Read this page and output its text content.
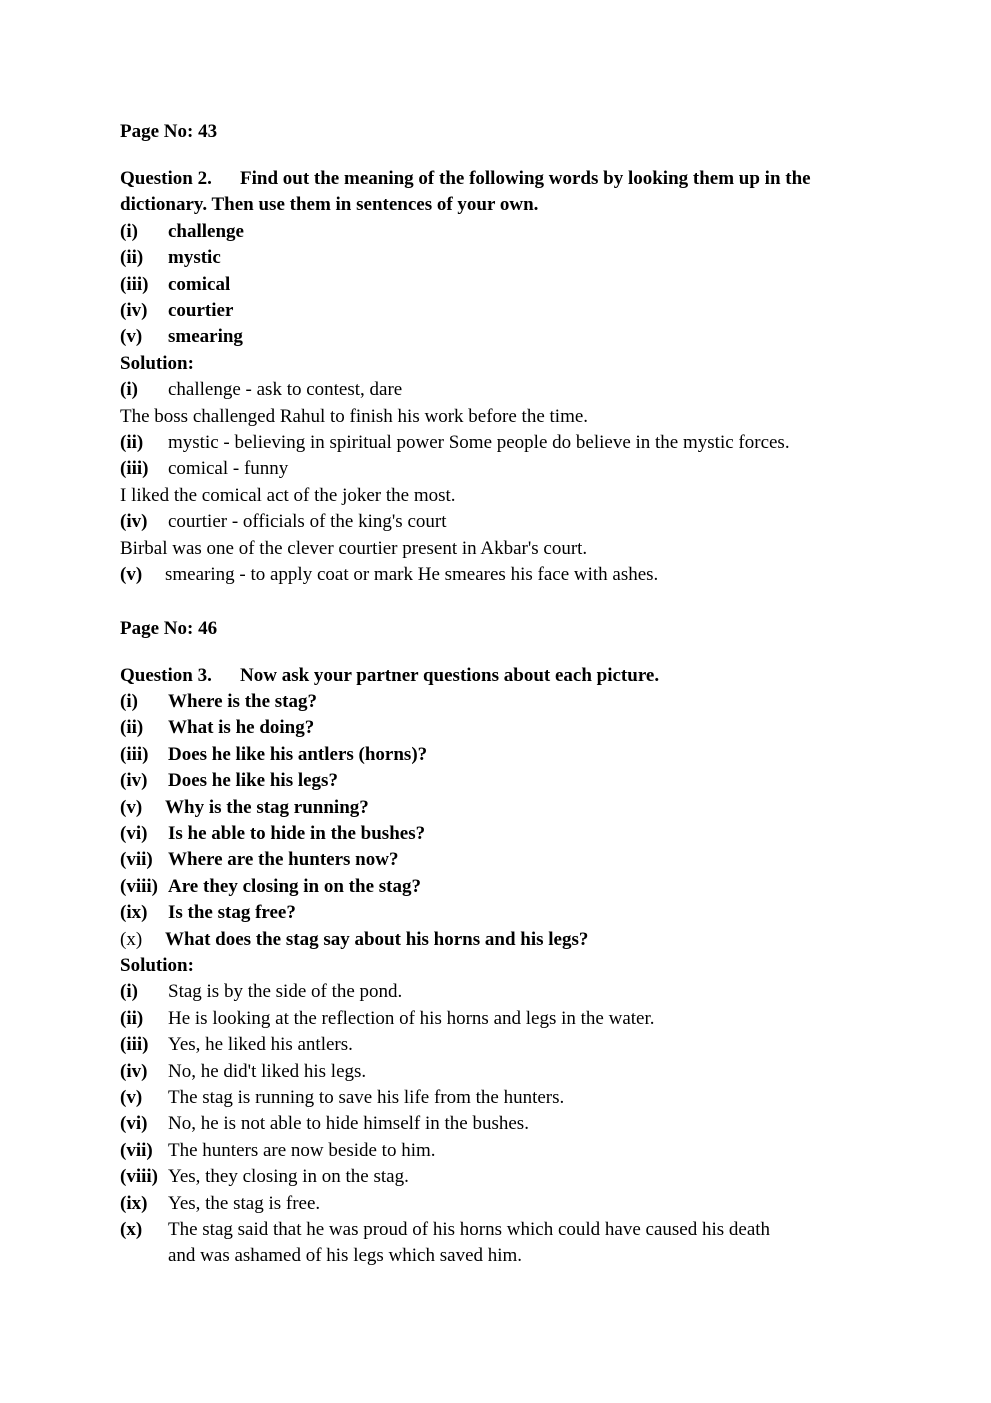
Page No: 43
Question 2. Find out the meaning of the following words by looking them up in the dictionary. Then use them in sentences of your own.
(i)	challenge
(ii)	mystic
(iii)	comical
(iv)	courtier
(v)	smearing
Solution:
(i)	challenge - ask to contest, dare
The boss challenged Rahul to finish his work before the time.
(ii)	mystic - believing in spiritual power Some people do believe in the mystic forces.
(iii)	comical - funny
I liked the comical act of the joker the most.
(iv)	courtier - officials of the king's court
Birbal was one of the clever courtier present in Akbar's court.
(v)	smearing - to apply coat or mark He smeares his face with ashes.
Page No: 46
Question 3. Now ask your partner questions about each picture.
(i)	Where is the stag?
(ii)	What is he doing?
(iii)	Does he like his antlers (horns)?
(iv)	Does he like his legs?
(v)	Why is the stag running?
(vi)	Is he able to hide in the bushes?
(vii) Where are the hunters now?
(viii) Are they closing in on the stag?
(ix)	Is the stag free?
(x)	What does the stag say about his horns and his legs?
Solution:
(i)	Stag is by the side of the pond.
(ii)	He is looking at the reflection of his horns and legs in the water.
(iii)	Yes, he liked his antlers.
(iv)	No, he did't liked his legs.
(v)	The stag is running to save his life from the hunters.
(vi)	No, he is not able to hide himself in the bushes.
(vii) The hunters are now beside to him.
(viii) Yes, they closing in on the stag.
(ix)	Yes, the stag is free.
(x)	The stag said that he was proud of his horns which could have caused his death
and was ashamed of his legs which saved him.
